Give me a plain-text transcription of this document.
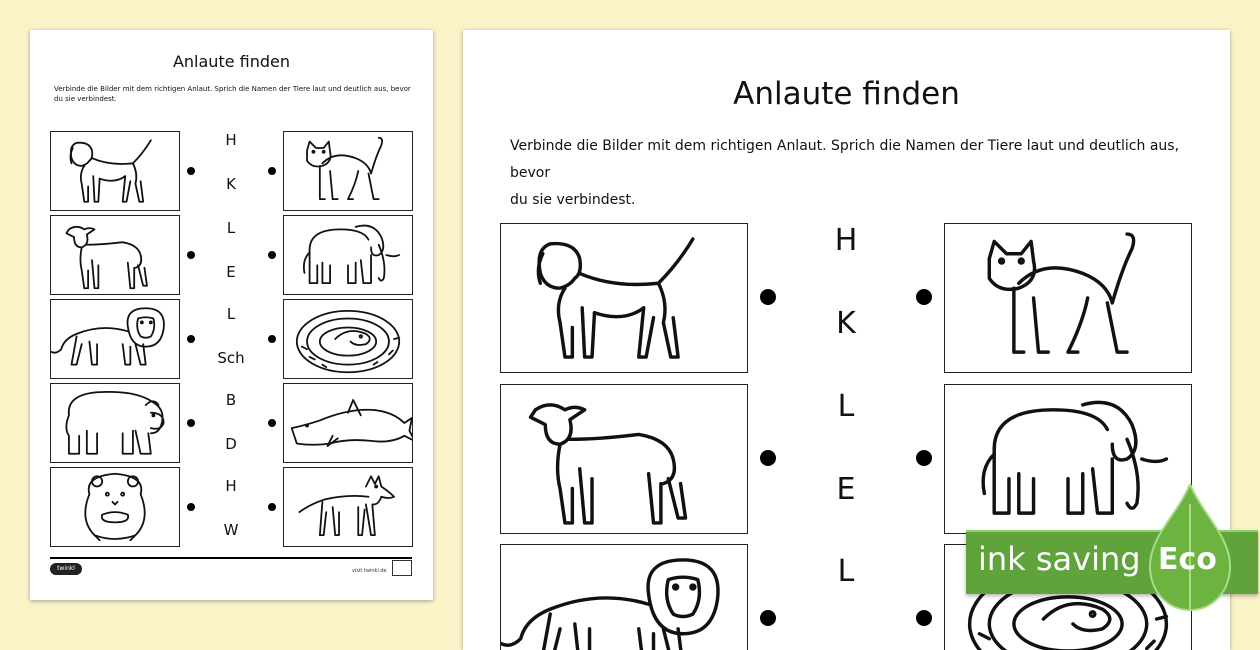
Anlaute finden
Verbinde die Bilder mit dem richtigen Anlaut. Sprich die Namen der Tiere laut und deutlich aus, bevor
du sie verbindest.
H
K
L
E
L
Sch
B
D
H
W
twinkl	visit twinkl.de
Anlaute finden
Verbinde die Bilder mit dem richtigen Anlaut. Sprich die Namen der Tiere laut und deutlich aus, bevor
du sie verbindest.
H
K
L
E
L	ink saving Eco
